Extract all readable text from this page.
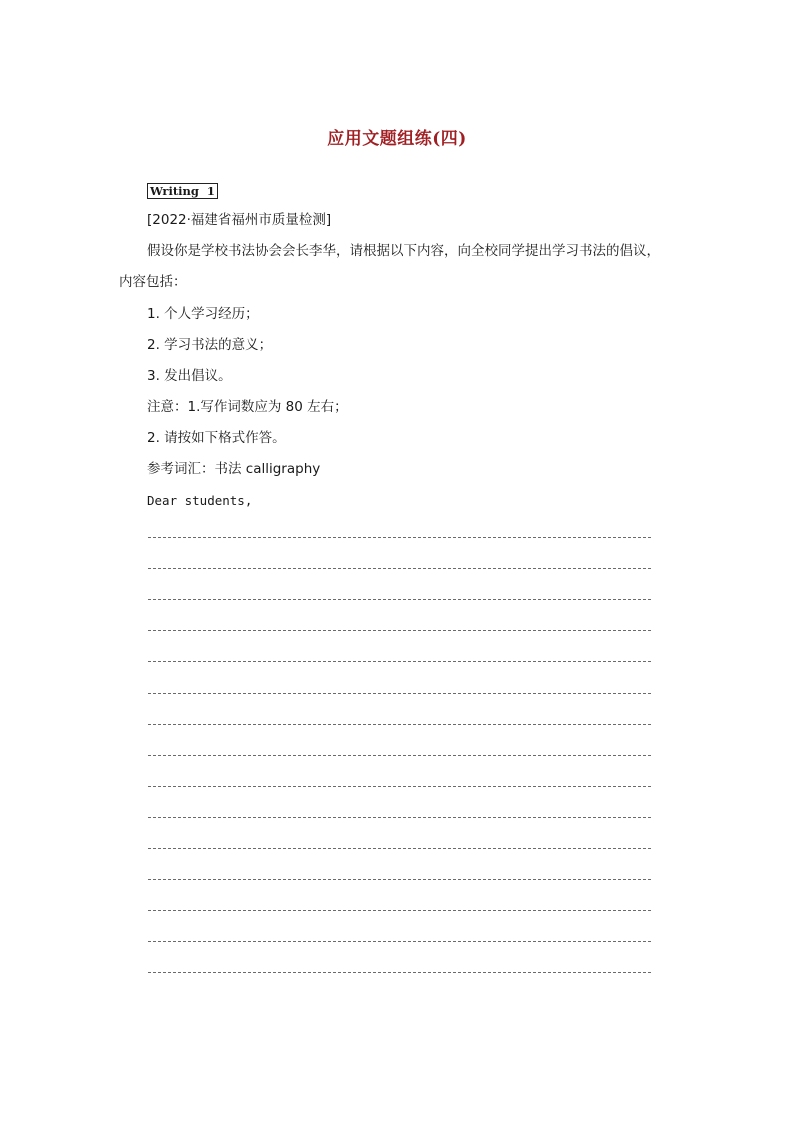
应用文题组练(四)
Writing  1
[2022·福建省福州市质量检测]
假设你是学校书法协会会长李华，请根据以下内容，向全校同学提出学习书法的倡议，
内容包括：
1. 个人学习经历；
2. 学习书法的意义；
3. 发出倡议。
注意：1.写作词数应为 80 左右；
2. 请按如下格式作答。
参考词汇：书法 calligraphy
Dear students,
